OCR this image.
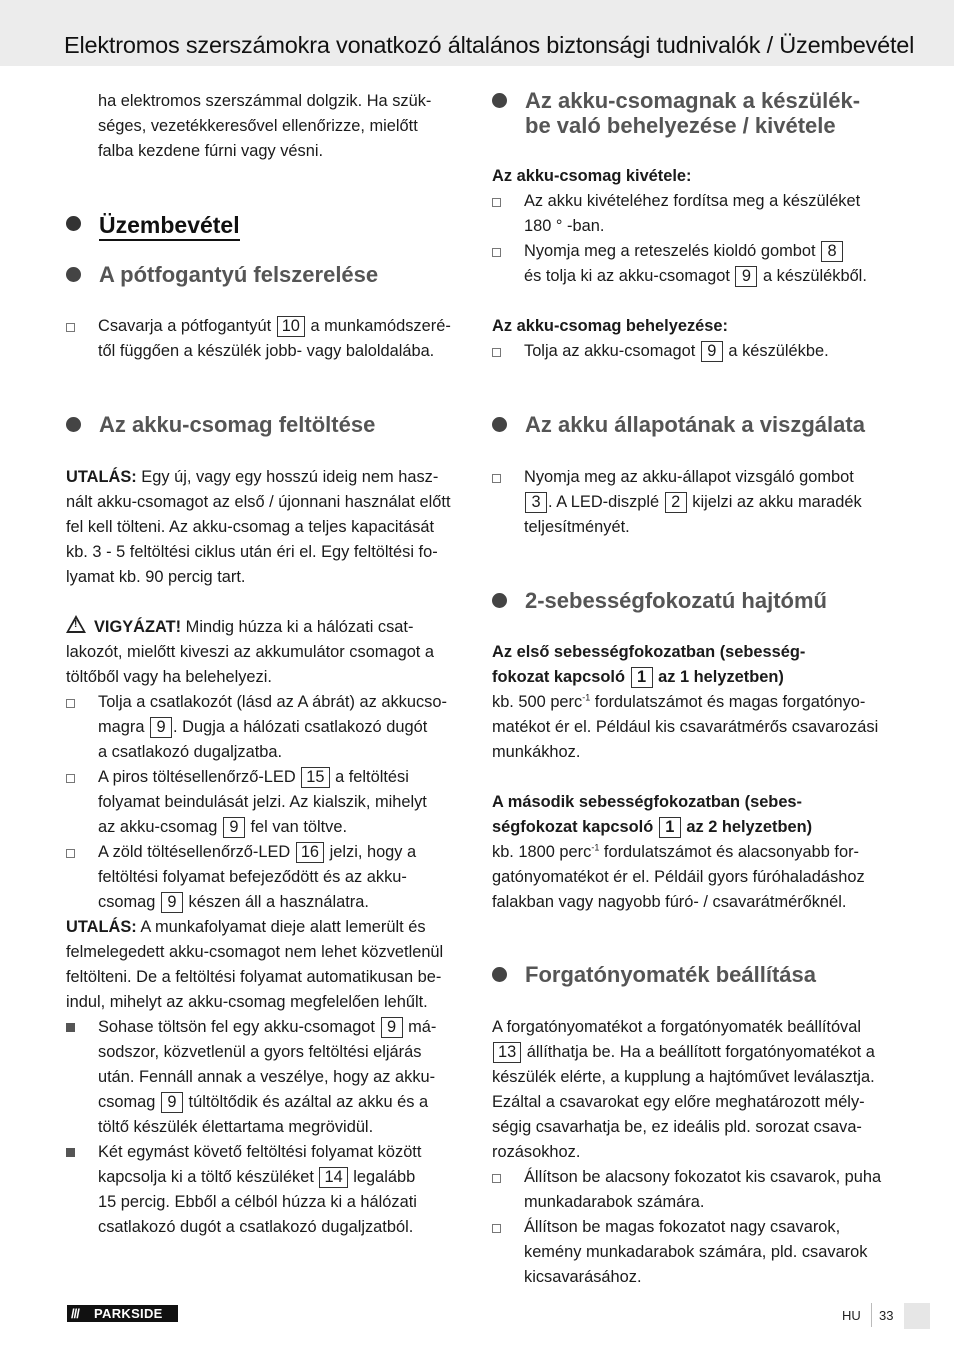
Elektromos szerszámokra vonatkozó általános biztonsági tudnivalók / Üzembevétel

ha elektromos szerszámmal dolgzik. Ha szük-

séges, vezetékkeresővel ellenőrizze, mielőtt

falba kezdene fúrni vagy vésni.

Üzembevétel
A pótfogantyú felszerelése

Csavarja a pótfogantyút 10 a munkamódszeré-

től függően a készülék jobb- vagy baloldalába.

Az akku-csomag feltöltése

UTALÁS: Egy új, vagy egy hosszú ideig nem hasz-

nált akku-csomagot az első / újonnani használat előtt

fel kell tölteni. Az akku-csomag a teljes kapacitását

kb. 3 - 5 feltöltési ciklus után éri el. Egy feltöltési fo-

lyamat kb. 90 percig tart.

!VIGYÁZAT! Mindig húzza ki a hálózati csat-

lakozót, mielőtt kiveszi az akkumulátor csomagot a

töltőből vagy ha belehelyezi.

Tolja a csatlakozót (lásd az A ábrát) az akkucso-

magra 9 . Dugja a hálózati csatlakozó dugót

a csatlakozó dugaljzatba.

A piros töltésellenőrző-LED 15 a feltöltési

folyamat beindulását jelzi. Az kialszik, mihelyt

az akku-csomag 9 fel van töltve.

A zöld töltésellenőrző-LED 16 jelzi, hogy a

feltöltési folyamat befejeződött és az akku-

csomag 9 készen áll a használatra.

UTALÁS: A munkafolyamat dieje alatt lemerült és

felmelegedett akku-csomagot nem lehet közvetlenül

feltölteni. De a feltöltési folyamat automatikusan be-

indul, mihelyt az akku-csomag megfelelően lehűlt.

Sohase töltsön fel egy akku-csomagot 9 má-

sodszor, közvetlenül a gyors feltöltési eljárás

után. Fennáll annak a veszélye, hogy az akku-

csomag 9 túltöltődik és azáltal az akku és a

töltő készülék élettartama megrövidül.

Két egymást követő feltöltési folyamat között

kapcsolja ki a töltő készüléket 14 legalább

15 percig. Ebből a célból húzza ki a hálózati

csatlakozó dugót a csatlakozó dugaljzatból.

Az akku-csomagnak a készülék-
be való behelyezése / kivétele

Az akku-csomag kivétele:

Az akku kivételéhez fordítsa meg a készüléket

180 ° -ban.

Nyomja meg a reteszelés kioldó gombot 8

és tolja ki az akku-csomagot 9 a készülékből.

Az akku-csomag behelyezése:

Tolja az akku-csomagot 9 a készülékbe.

Az akku állapotának a viszgálata

Nyomja meg az akku-állapot vizsgáló gombot

3 . A LED-diszplé 2 kijelzi az akku maradék

teljesítményét.

2-sebességfokozatú hajtómű

Az első sebességfokozatban (sebesség-

fokozat kapcsoló 1 az 1 helyzetben)

kb. 500 perc$^{-1}$ fordulatszámot és magas forgatónyo-

matékot ér el. Például kis csavarátmérős csavarozási

munkákhoz.

A második sebességfokozatban (sebes-

ségfokozat kapcsoló 1 az 2 helyzetben)

kb. 1800 perc$^{-1}$ fordulatszámot és alacsonyabb for-

gatónyomatékot ér el. Példáil gyors fúróhaladáshoz

falakban vagy nagyobb fúró- / csavarátmérőknél.

Forgatónyomaték beállítása

A forgatónyomatékot a forgatónyomaték beállítóval

13 állíthatja be. Ha a beállított forgatónyomatékot a

készülék elérte, a kupplung a hajtóművet leválasztja.

Ezáltal a csavarokat egy előre meghatározott mély-

ségig csavarhatja be, ez ideális pld. sorozat csava-

rozásokhoz.

Állítson be alacsony fokozatot kis csavarok, puha

munkadarabok számára.

Állítson be magas fokozatot nagy csavarok,

kemény munkadarabok számára, pld. csavarok

kicsavarásához.

/// PARKSIDE	HU 33
